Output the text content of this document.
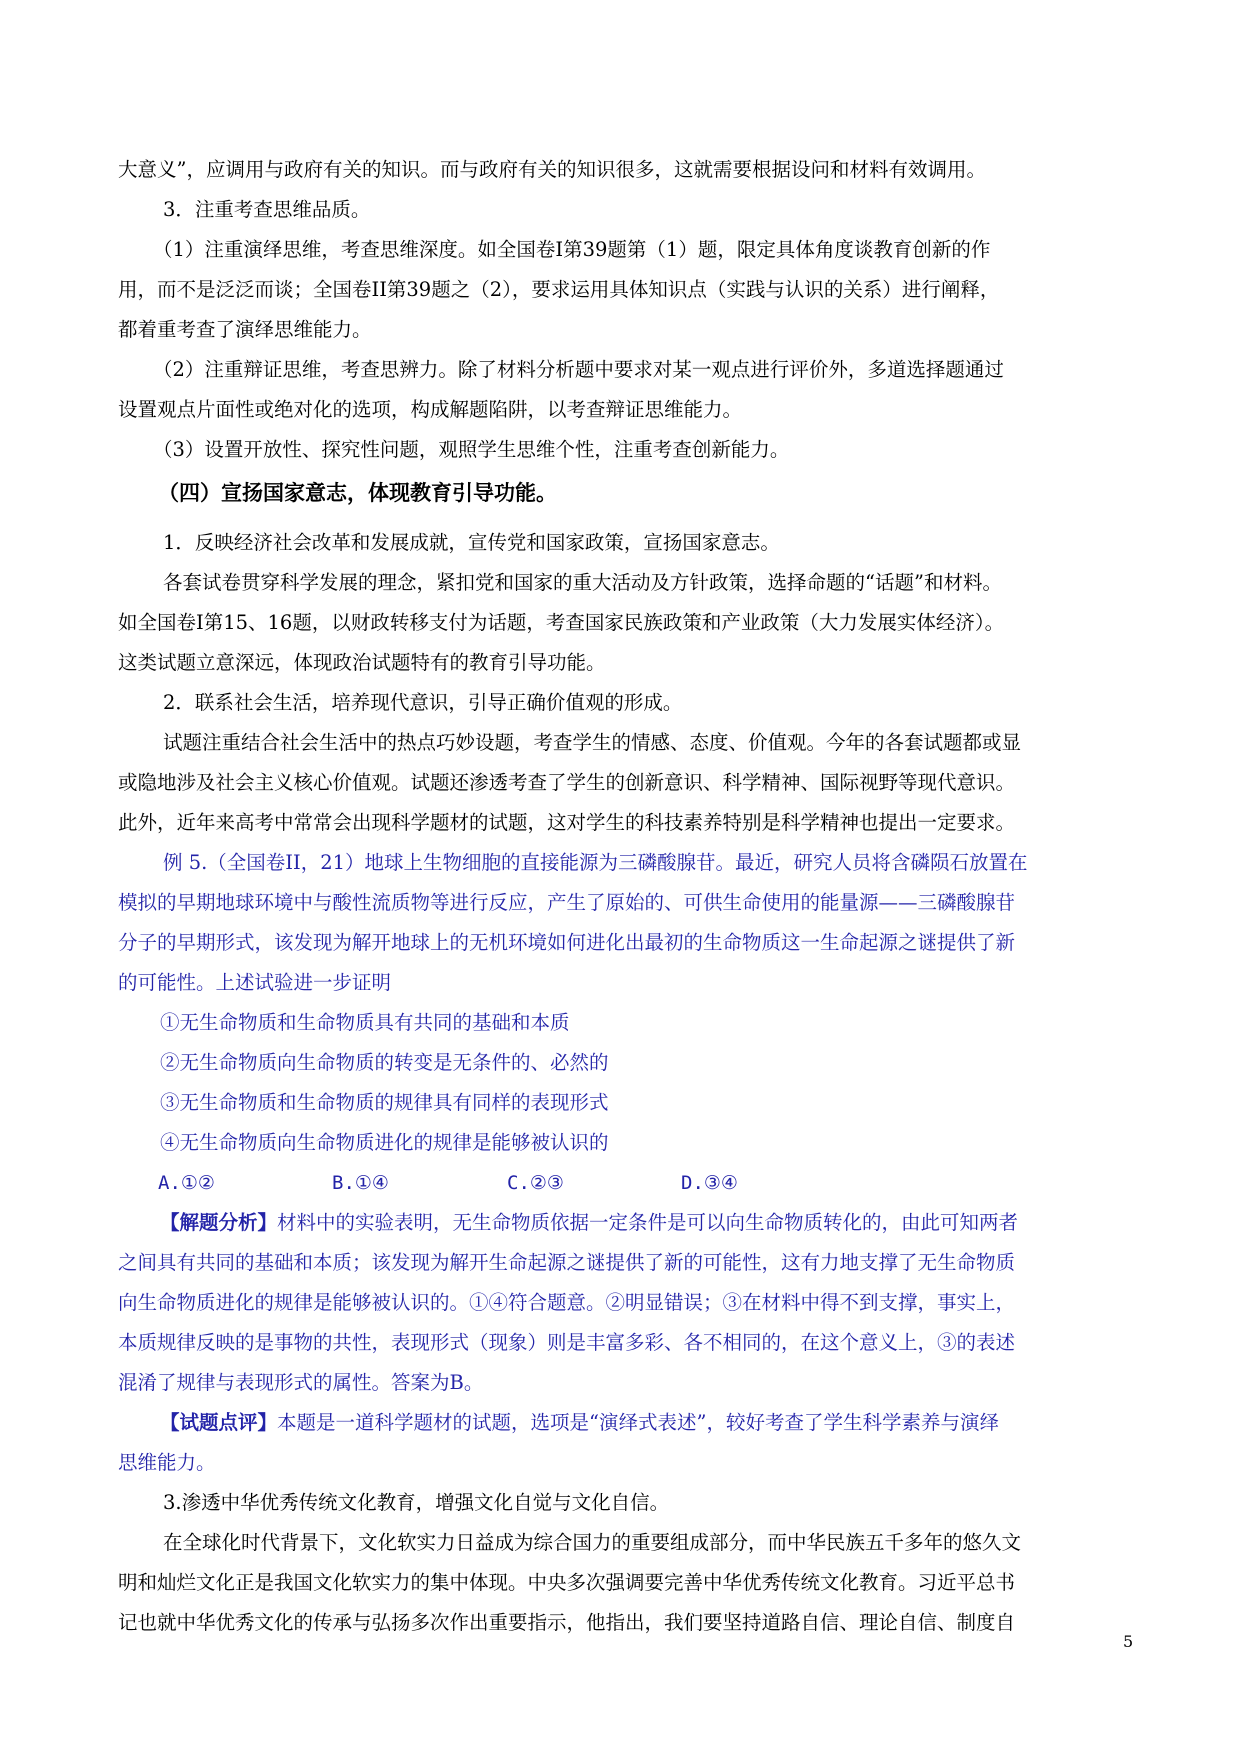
大意义”，应调用与政府有关的知识。而与政府有关的知识很多，这就需要根据设问和材料有效调用。
3．注重考查思维品质。
（1）注重演绎思维，考查思维深度。如全国卷Ⅰ第39题第（1）题，限定具体角度谈教育创新的作
用，而不是泛泛而谈；全国卷II第39题之（2），要求运用具体知识点（实践与认识的关系）进行阐释，
都着重考查了演绎思维能力。
（2）注重辩证思维，考查思辨力。除了材料分析题中要求对某一观点进行评价外，多道选择题通过
设置观点片面性或绝对化的选项，构成解题陷阱，以考查辩证思维能力。
（3）设置开放性、探究性问题，观照学生思维个性，注重考查创新能力。
（四）宣扬国家意志，体现教育引导功能。
1．反映经济社会改革和发展成就，宣传党和国家政策，宣扬国家意志。
各套试卷贯穿科学发展的理念，紧扣党和国家的重大活动及方针政策，选择命题的“话题”和材料。
如全国卷Ⅰ第15、16题，以财政转移支付为话题，考查国家民族政策和产业政策（大力发展实体经济）。
这类试题立意深远，体现政治试题特有的教育引导功能。
2．联系社会生活，培养现代意识，引导正确价值观的形成。
试题注重结合社会生活中的热点巧妙设题，考查学生的情感、态度、价值观。今年的各套试题都或显
或隐地涉及社会主义核心价值观。试题还渗透考查了学生的创新意识、科学精神、国际视野等现代意识。
此外，近年来高考中常常会出现科学题材的试题，这对学生的科技素养特别是科学精神也提出一定要求。
例 5.（全国卷II，21）地球上生物细胞的直接能源为三磷酸腺苷。最近，研究人员将含磷陨石放置在
模拟的早期地球环境中与酸性流质物等进行反应，产生了原始的、可供生命使用的能量源——三磷酸腺苷
分子的早期形式，该发现为解开地球上的无机环境如何进化出最初的生命物质这一生命起源之谜提供了新
的可能性。上述试验进一步证明
①无生命物质和生命物质具有共同的基础和本质
②无生命物质向生命物质的转变是无条件的、必然的
③无生命物质和生命物质的规律具有同样的表现形式
④无生命物质向生命物质进化的规律是能够被认识的
A.①②	B.①④	C.②③	D.③④
【解题分析】材料中的实验表明，无生命物质依据一定条件是可以向生命物质转化的，由此可知两者
之间具有共同的基础和本质；该发现为解开生命起源之谜提供了新的可能性，这有力地支撑了无生命物质
向生命物质进化的规律是能够被认识的。①④符合题意。②明显错误；③在材料中得不到支撑，事实上，
本质规律反映的是事物的共性，表现形式（现象）则是丰富多彩、各不相同的，在这个意义上，③的表述
混淆了规律与表现形式的属性。答案为B。
【试题点评】本题是一道科学题材的试题，选项是“演绎式表述”，较好考查了学生科学素养与演绎
思维能力。
3.渗透中华优秀传统文化教育，增强文化自觉与文化自信。
在全球化时代背景下，文化软实力日益成为综合国力的重要组成部分，而中华民族五千多年的悠久文
明和灿烂文化正是我国文化软实力的集中体现。中央多次强调要完善中华优秀传统文化教育。习近平总书
记也就中华优秀文化的传承与弘扬多次作出重要指示，他指出，我们要坚持道路自信、理论自信、制度自
5
